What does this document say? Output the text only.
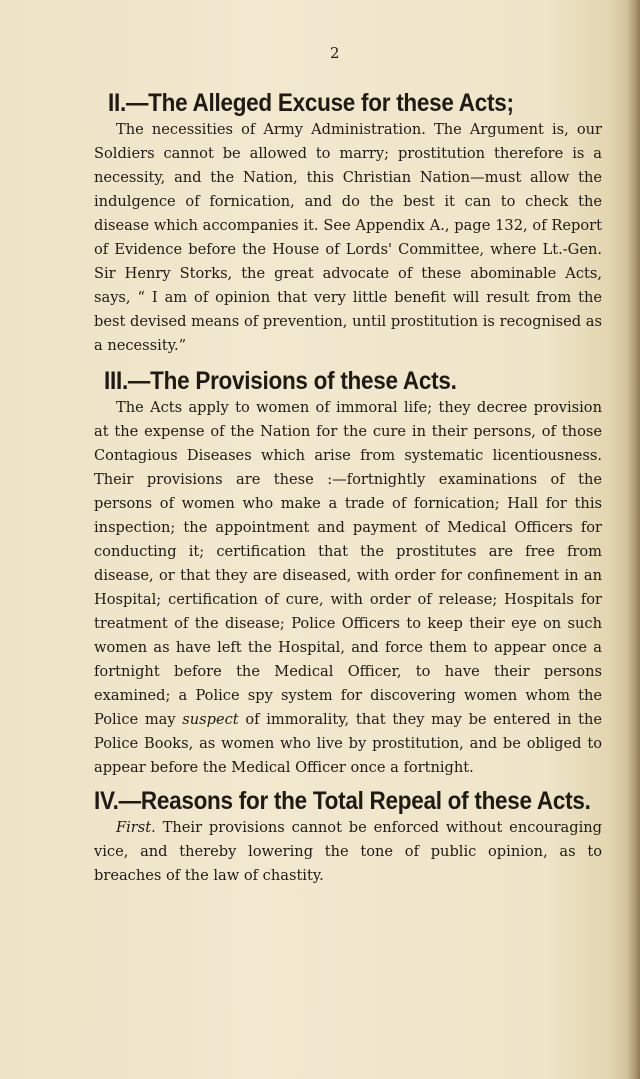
2
II.—The Alleged Excuse for these Acts;

The necessities of Army Administration. The Argument is, our Soldiers cannot be allowed to marry; prostitution therefore is a necessity, and the Nation, this Christian Nation—must allow the indulgence of fornication, and do the best it can to check the disease which accompanies it. See Appendix A., page 132, of Report of Evidence before the House of Lords' Committee, where Lt.-Gen. Sir Henry Storks, the great advocate of these abominable Acts, says, “ I am of opinion that very little benefit will result from the best devised means of prevention, until prostitution is recognised as a necessity.”

III.—The Provisions of these Acts.

The Acts apply to women of immoral life; they decree provision at the expense of the Nation for the cure in their persons, of those Contagious Diseases which arise from systematic licentiousness. Their provisions are these :—fortnightly examinations of the persons of women who make a trade of fornication; Hall for this inspection; the appointment and payment of Medical Officers for conducting it; certification that the prostitutes are free from disease, or that they are diseased, with order for confinement in an Hospital; certification of cure, with order of release; Hospitals for treatment of the disease; Police Officers to keep their eye on such women as have left the Hospital, and force them to appear once a fortnight before the Medical Officer, to have their persons examined; a Police spy system for discovering women whom the Police may suspect of immorality, that they may be entered in the Police Books, as women who live by prostitution, and be obliged to appear before the Medical Officer once a fortnight.

IV.—Reasons for the Total Repeal of these Acts.

First. Their provisions cannot be enforced without encouraging vice, and thereby lowering the tone of public opinion, as to breaches of the law of chastity.
